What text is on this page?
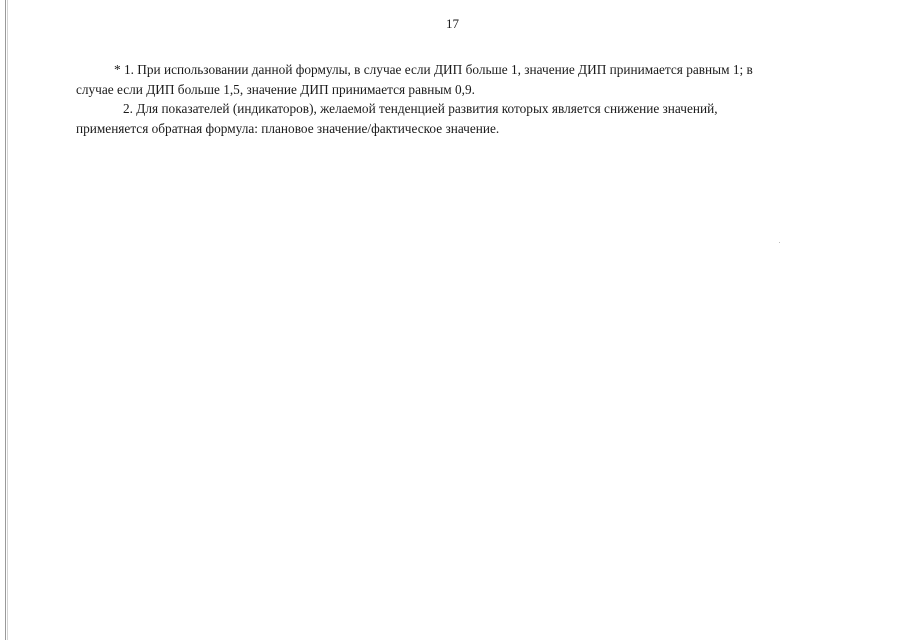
17

* 1. При использовании данной формулы, в случае если ДИП больше 1, значение ДИП принимается равным 1; в

случае если ДИП больше 1,5, значение ДИП принимается равным 0,9.

2. Для показателей (индикаторов), желаемой тенденцией развития которых является снижение значений,

применяется обратная формула: плановое значение/фактическое значение.
